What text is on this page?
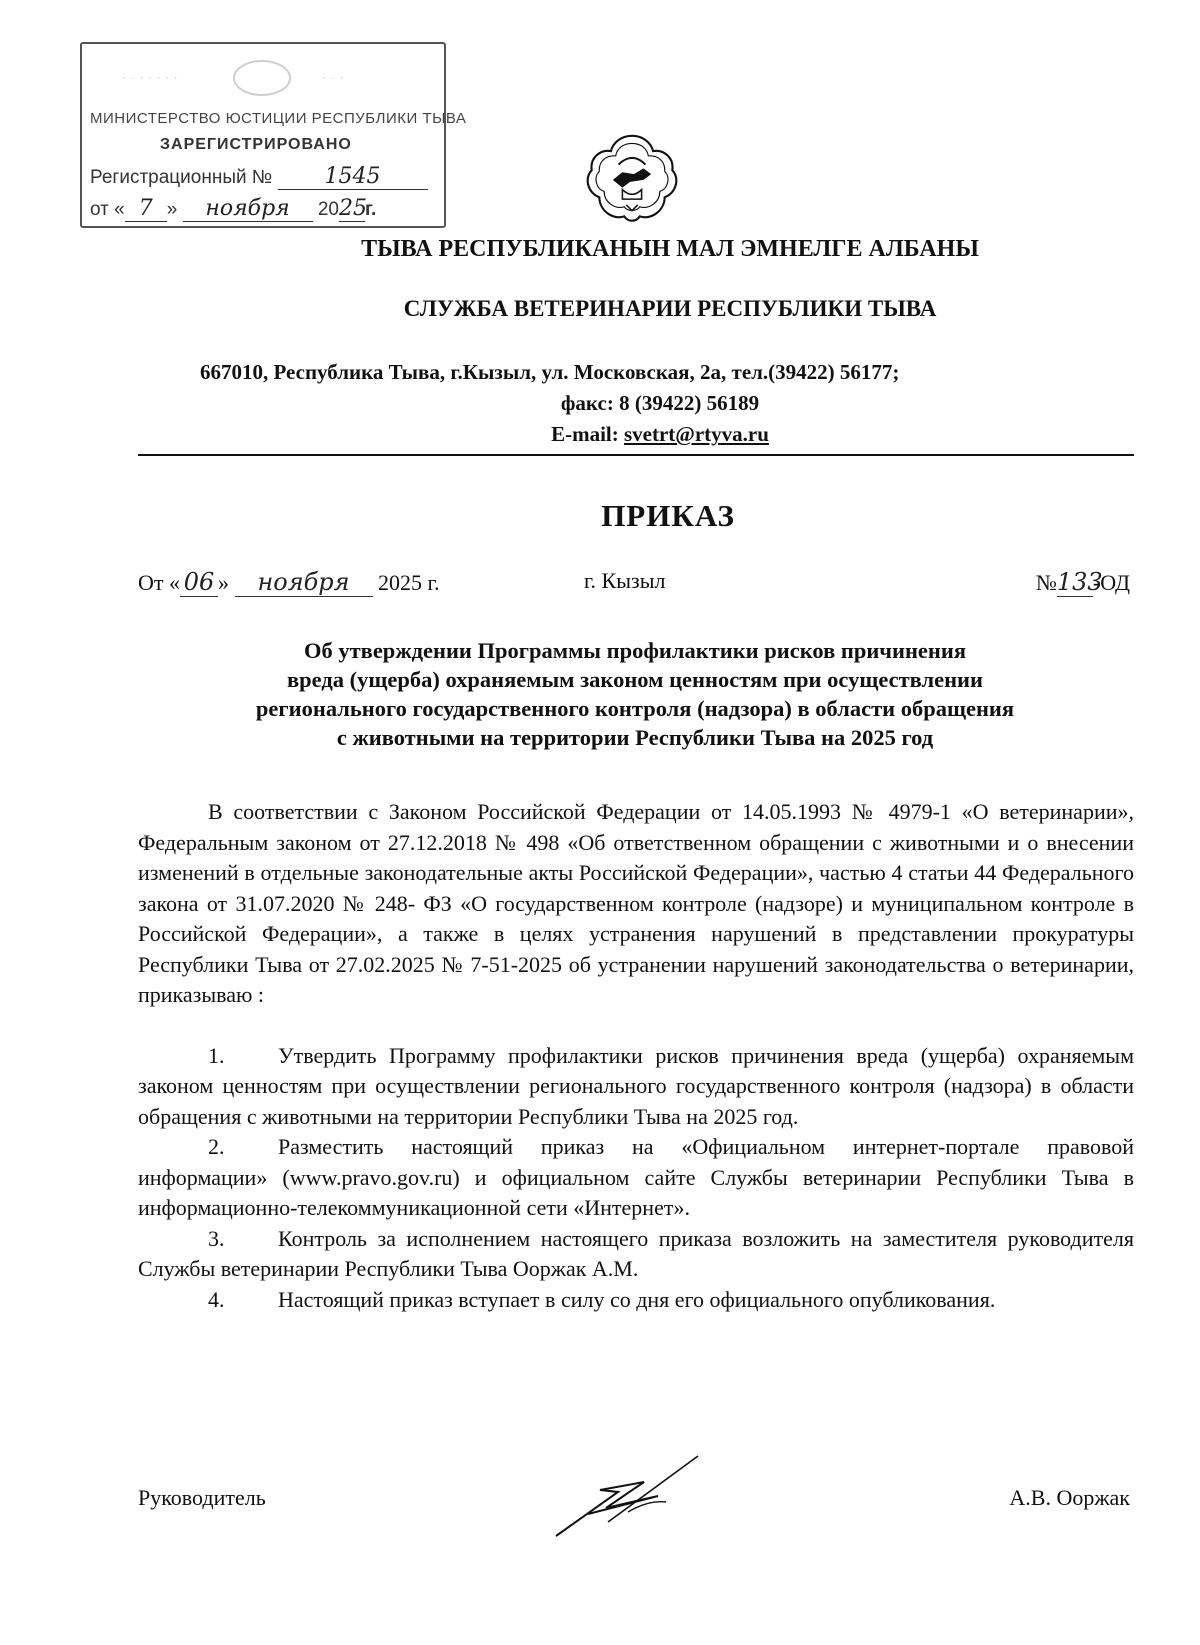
· · · · · · ·	· · ·
МИНИСТЕРСТВО ЮСТИЦИИ РЕСПУБЛИКИ ТЫВА
ЗАРЕГИСТРИРОВАНО
Регистрационный № 1545
от « 7 » ноября 2025г.
ТЫВА РЕСПУБЛИКАНЫН МАЛ ЭМНЕЛГЕ АЛБАНЫ
СЛУЖБА ВЕТЕРИНАРИИ РЕСПУБЛИКИ ТЫВА
667010, Республика Тыва, г.Кызыл, ул. Московская, 2а, тел.(39422) 56177;
факс: 8 (39422) 56189
E-mail: svetrt@rtyva.ru
ПРИКАЗ
От « 06 » ноября 2025 г.	г. Кызыл	№133-ОД
Об утверждении Программы профилактики рисков причинения
вреда (ущерба) охраняемым законом ценностям при осуществлении
регионального государственного контроля (надзора) в области обращения
с животными на территории Республики Тыва на 2025 год

В соответствии с Законом Российской Федерации от 14.05.1993 № 4979-1 «О ветеринарии», Федеральным законом от 27.12.2018 № 498 «Об ответственном обращении с животными и о внесении изменений в отдельные законодательные акты Российской Федерации», частью 4 статьи 44 Федерального закона от 31.07.2020 № 248- ФЗ «О государственном контроле (надзоре) и муниципальном контроле в Российской Федерации», а также в целях устранения нарушений в представлении прокуратуры Республики Тыва от 27.02.2025 № 7-51-2025 об устранении нарушений законодательства о ветеринарии, приказываю :

1. Утвердить Программу профилактики рисков причинения вреда (ущерба) охраняемым законом ценностям при осуществлении регионального государственного контроля (надзора) в области обращения с животными на территории Республики Тыва на 2025 год.

2. Разместить настоящий приказ на «Официальном интернет-портале правовой информации» (www.pravo.gov.ru) и официальном сайте Службы ветеринарии Республики Тыва в информационно-телекоммуникационной сети «Интернет».

3. Контроль за исполнением настоящего приказа возложить на заместителя руководителя Службы ветеринарии Республики Тыва Ооржак А.М.

4. Настоящий приказ вступает в силу со дня его официального опубликования.

Руководитель	А.В. Ооржак
